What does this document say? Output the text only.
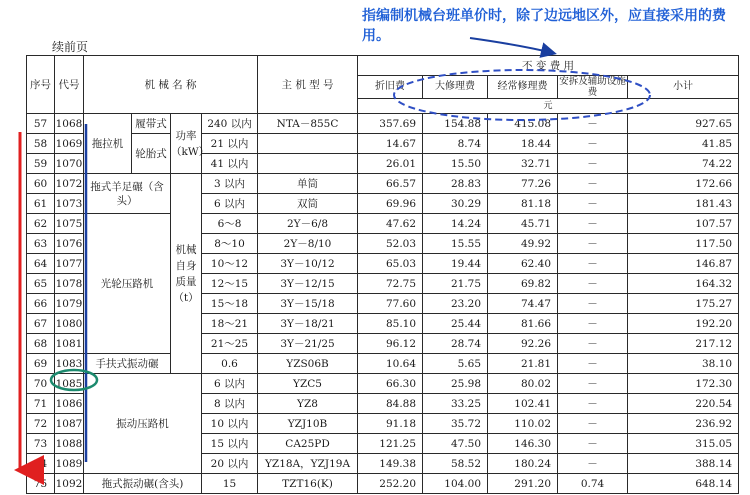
指编制机械台班单价时，除了边远地区外，应直接采用的费用。
续前页
序号	代号	机 械 名 称				主 机 型 号	不 变 费 用				
							折旧费	大修理费	经常修理费	安拆及辅助设施费	小计
							元				
57	1068	拖拉机	履带式	功率（kW）	240 以内	NTA－855C	357.69	154.88	415.08	－	927.65
58	1069		轮胎式		21 以内		14.67	8.74	18.44	－	41.85
59	1070				41 以内		26.01	15.50	32.71	－	74.22
60	1072	拖式羊足碾（含头）		机械自身质量（t）	3 以内	单筒	66.57	28.83	77.26	－	172.66
61	1073				6 以内	双筒	69.96	30.29	81.18	－	181.43
62	1075	光轮压路机			6～8	2Y－6/8	47.62	14.24	45.71	－	107.57
63	1076				8～10	2Y－8/10	52.03	15.55	49.92	－	117.50
64	1077				10～12	3Y－10/12	65.03	19.44	62.40	－	146.87
65	1078				12～15	3Y－12/15	72.75	21.75	69.82	－	164.32
66	1079				15～18	3Y－15/18	77.60	23.20	74.47	－	175.27
67	1080				18～21	3Y－18/21	85.10	25.44	81.66	－	192.20
68	1081				21～25	3Y－21/25	96.12	28.74	92.26	－	217.12
69	1083	手扶式振动碾			0.6	YZS06B	10.64	5.65	21.81	－	38.10
70	1085	振动压路机			6 以内	YZC5	66.30	25.98	80.02	－	172.30
71	1086				8 以内	YZ8	84.88	33.25	102.41	－	220.54
72	1087				10 以内	YZJ10B	91.18	35.72	110.02	－	236.92
73	1088				15 以内	CA25PD	121.25	47.50	146.30	－	315.05
74	1089				20 以内	YZ18A，YZJ19A	149.38	58.52	180.24	－	388.14
75	1092	拖式振动碾(含头)			15	TZT16(K)	252.20	104.00	291.20	0.74	648.14
